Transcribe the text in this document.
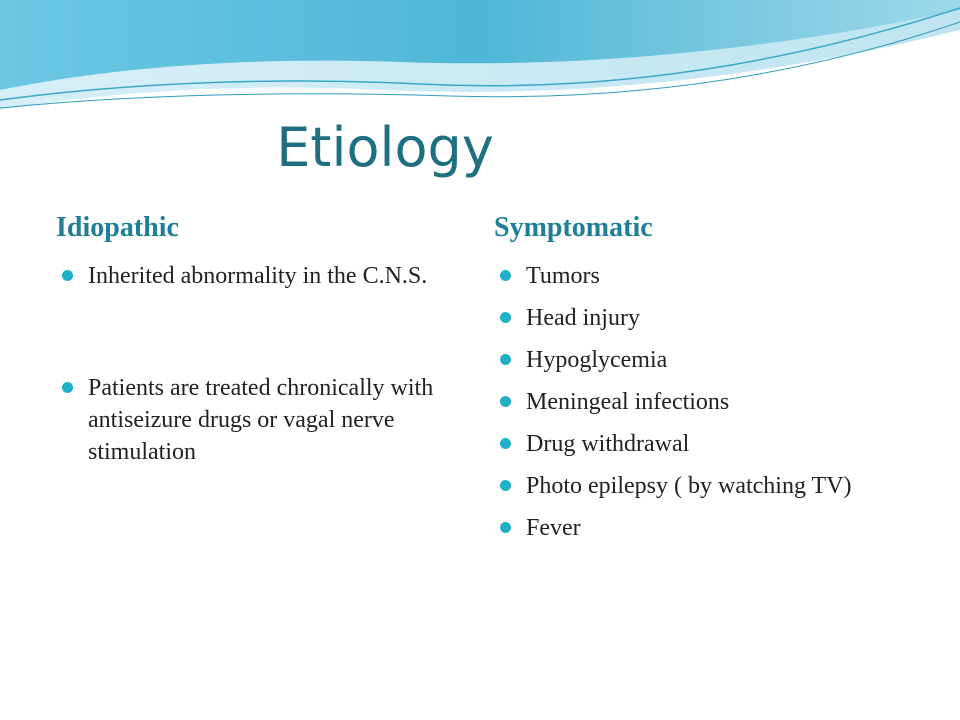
Etiology
Idiopathic
Inherited abnormality in the C.N.S.
Patients are treated chronically with antiseizure drugs or vagal nerve stimulation
Symptomatic
Tumors
Head injury
Hypoglycemia
Meningeal infections
Drug withdrawal
Photo epilepsy ( by watching TV)
Fever
